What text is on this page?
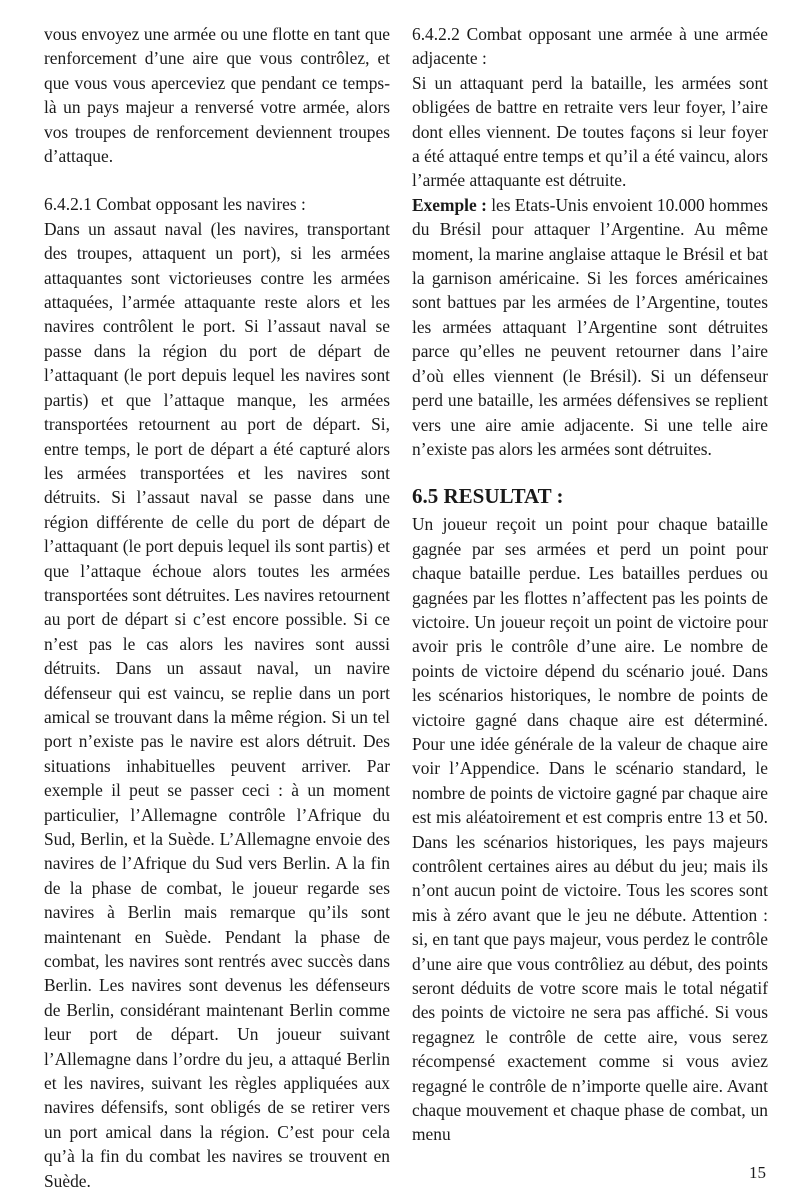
vous envoyez une armée ou une flotte en tant que renforcement d’une aire que vous contrôlez, et que vous vous aperceviez que pendant ce temps-là un pays majeur a renversé votre armée, alors vos troupes de renforcement deviennent troupes d’attaque.

6.4.2.1 Combat opposant les navires :

Dans un assaut naval (les navires, transportant des troupes, attaquent un port), si les armées attaquantes sont victorieuses contre les armées attaquées, l’armée attaquante reste alors et les navires contrôlent le port. Si l’assaut naval se passe dans la région du port de départ de l’attaquant (le port depuis lequel les navires sont partis) et que l’attaque manque, les armées transportées retournent au port de départ. Si, entre temps, le port de départ a été capturé alors les armées transportées et les navires sont détruits. Si l’assaut naval se passe dans une région différente de celle du port de départ de l’attaquant (le port depuis lequel ils sont partis) et que l’attaque échoue alors toutes les armées transportées sont détruites. Les navires retournent au port de départ si c’est encore possible. Si ce n’est pas le cas alors les navires sont aussi détruits. Dans un assaut naval, un navire défenseur qui est vaincu, se replie dans un port amical se trouvant dans la même région. Si un tel port n’existe pas le navire est alors détruit. Des situations inhabituelles peuvent arriver. Par exemple il peut se passer ceci : à un moment particulier, l’Allemagne contrôle l’Afrique du Sud, Berlin, et la Suède. L’Allemagne envoie des navires de l’Afrique du Sud vers Berlin. A la fin de la phase de combat, le joueur regarde ses navires à Berlin mais remarque qu’ils sont maintenant en Suède. Pendant la phase de combat, les navires sont rentrés avec succès dans Berlin. Les navires sont devenus les défenseurs de Berlin, considérant maintenant Berlin comme leur port de départ. Un joueur suivant l’Allemagne dans l’ordre du jeu, a attaqué Berlin et les navires, suivant les règles appliquées aux navires défensifs, sont obligés de se retirer vers un port amical dans la région. C’est pour cela qu’à la fin du combat les navires se trouvent en Suède.

6.4.2.2 Combat opposant une armée à une armée adjacente :

Si un attaquant perd la bataille, les armées sont obligées de battre en retraite vers leur foyer, l’aire dont elles viennent. De toutes façons si leur foyer a été attaqué entre temps et qu’il a été vaincu, alors l’armée attaquante est détruite.

Exemple : les Etats-Unis envoient 10.000 hommes du Brésil pour attaquer l’Argentine. Au même moment, la marine anglaise attaque le Brésil et bat la garnison américaine. Si les forces américaines sont battues par les armées de l’Argentine, toutes les armées attaquant l’Argentine sont détruites parce qu’elles ne peuvent retourner dans l’aire d’où elles viennent (le Brésil). Si un défenseur perd une bataille, les armées défensives se replient vers une aire amie adjacente. Si une telle aire n’existe pas alors les armées sont détruites.

6.5 RESULTAT :

Un joueur reçoit un point pour chaque bataille gagnée par ses armées et perd un point pour chaque bataille perdue. Les batailles perdues ou gagnées par les flottes n’affectent pas les points de victoire. Un joueur reçoit un point de victoire pour avoir pris le contrôle d’une aire. Le nombre de points de victoire dépend du scénario joué. Dans les scénarios historiques, le nombre de points de victoire gagné dans chaque aire est déterminé. Pour une idée générale de la valeur de chaque aire voir l’Appendice. Dans le scénario standard, le nombre de points de victoire gagné par chaque aire est mis aléatoirement et est compris entre 13 et 50. Dans les scénarios historiques, les pays majeurs contrôlent certaines aires au début du jeu; mais ils n’ont aucun point de victoire. Tous les scores sont mis à zéro avant que le jeu ne débute. Attention : si, en tant que pays majeur, vous perdez le contrôle d’une aire que vous contrôliez au début, des points seront déduits de votre score mais le total négatif des points de victoire ne sera pas affiché. Si vous regagnez le contrôle de cette aire, vous serez récompensé exactement comme si vous aviez regagné le contrôle de n’importe quelle aire. Avant chaque mouvement et chaque phase de combat, un menu

15
